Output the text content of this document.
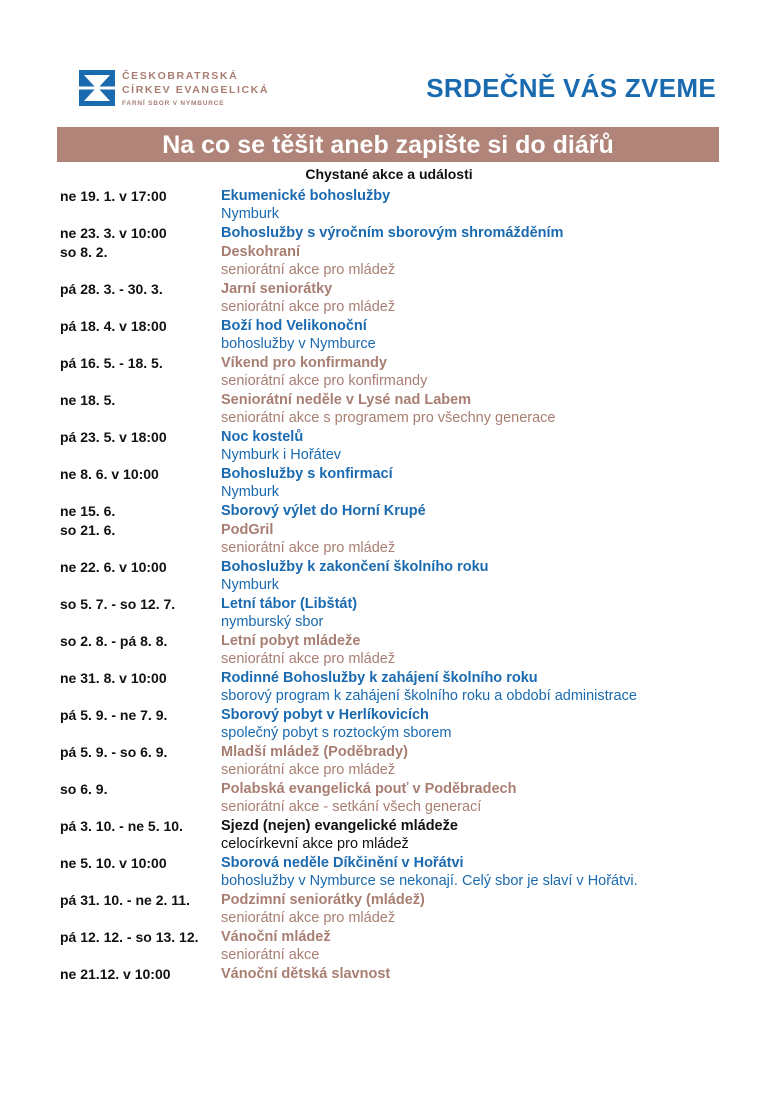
ČESKOBRATRSKÁ
CÍRKEV EVANGELICKÁ
FARNÍ SBOR V NYMBURCE
SRDEČNĚ VÁS ZVEME
Na co se těšit aneb zapište si do diářů
Chystané akce a události
ne 19. 1. v 17:00	Ekumenické bohoslužby
Nymburk
ne 23. 3. v 10:00	Bohoslužby s výročním sborovým shromážděním
so 8. 2.	Deskohraní
seniorátní akce pro mládež
pá 28. 3. - 30. 3.	Jarní seniorátky
seniorátní akce pro mládež
pá 18. 4. v 18:00	Boží hod Velikonoční
bohoslužby v Nymburce
pá 16. 5. - 18. 5.	Víkend pro konfirmandy
seniorátní akce pro konfirmandy
ne 18. 5.	Seniorátní neděle v Lysé nad Labem
seniorátní akce s programem pro všechny generace
pá 23. 5. v 18:00	Noc kostelů
Nymburk i Hořátev
ne 8. 6. v 10:00	Bohoslužby s konfirmací
Nymburk
ne 15. 6.	Sborový výlet do Horní Krupé
so 21. 6.	PodGril
seniorátní akce pro mládež
ne 22. 6. v 10:00	Bohoslužby k zakončení školního roku
Nymburk
so 5. 7. - so 12. 7.	Letní tábor (Libštát)
nymburský sbor
so 2. 8. - pá 8. 8.	Letní pobyt mládeže
seniorátní akce pro mládež
ne 31. 8. v 10:00	Rodinné Bohoslužby k zahájení školního roku
sborový program k zahájení školního roku a období administrace
pá 5. 9. - ne 7. 9.	Sborový pobyt v Herlíkovicích
společný pobyt s roztockým sborem
pá 5. 9. - so 6. 9.	Mladší mládež (Poděbrady)
seniorátní akce pro mládež
so 6. 9.	Polabská evangelická pouť v Poděbradech
seniorátní akce - setkání všech generací
pá 3. 10. - ne 5. 10.	Sjezd (nejen) evangelické mládeže
celocírkevní akce pro mládež
ne 5. 10. v 10:00	Sborová neděle Díkčinění v Hořátvi
bohoslužby v Nymburce se nekonají. Celý sbor je slaví v Hořátvi.
pá 31. 10. - ne 2. 11.	Podzimní seniorátky (mládež)
seniorátní akce pro mládež
pá 12. 12. - so 13. 12.	Vánoční mládež
seniorátní akce
ne 21.12. v 10:00	Vánoční dětská slavnost
